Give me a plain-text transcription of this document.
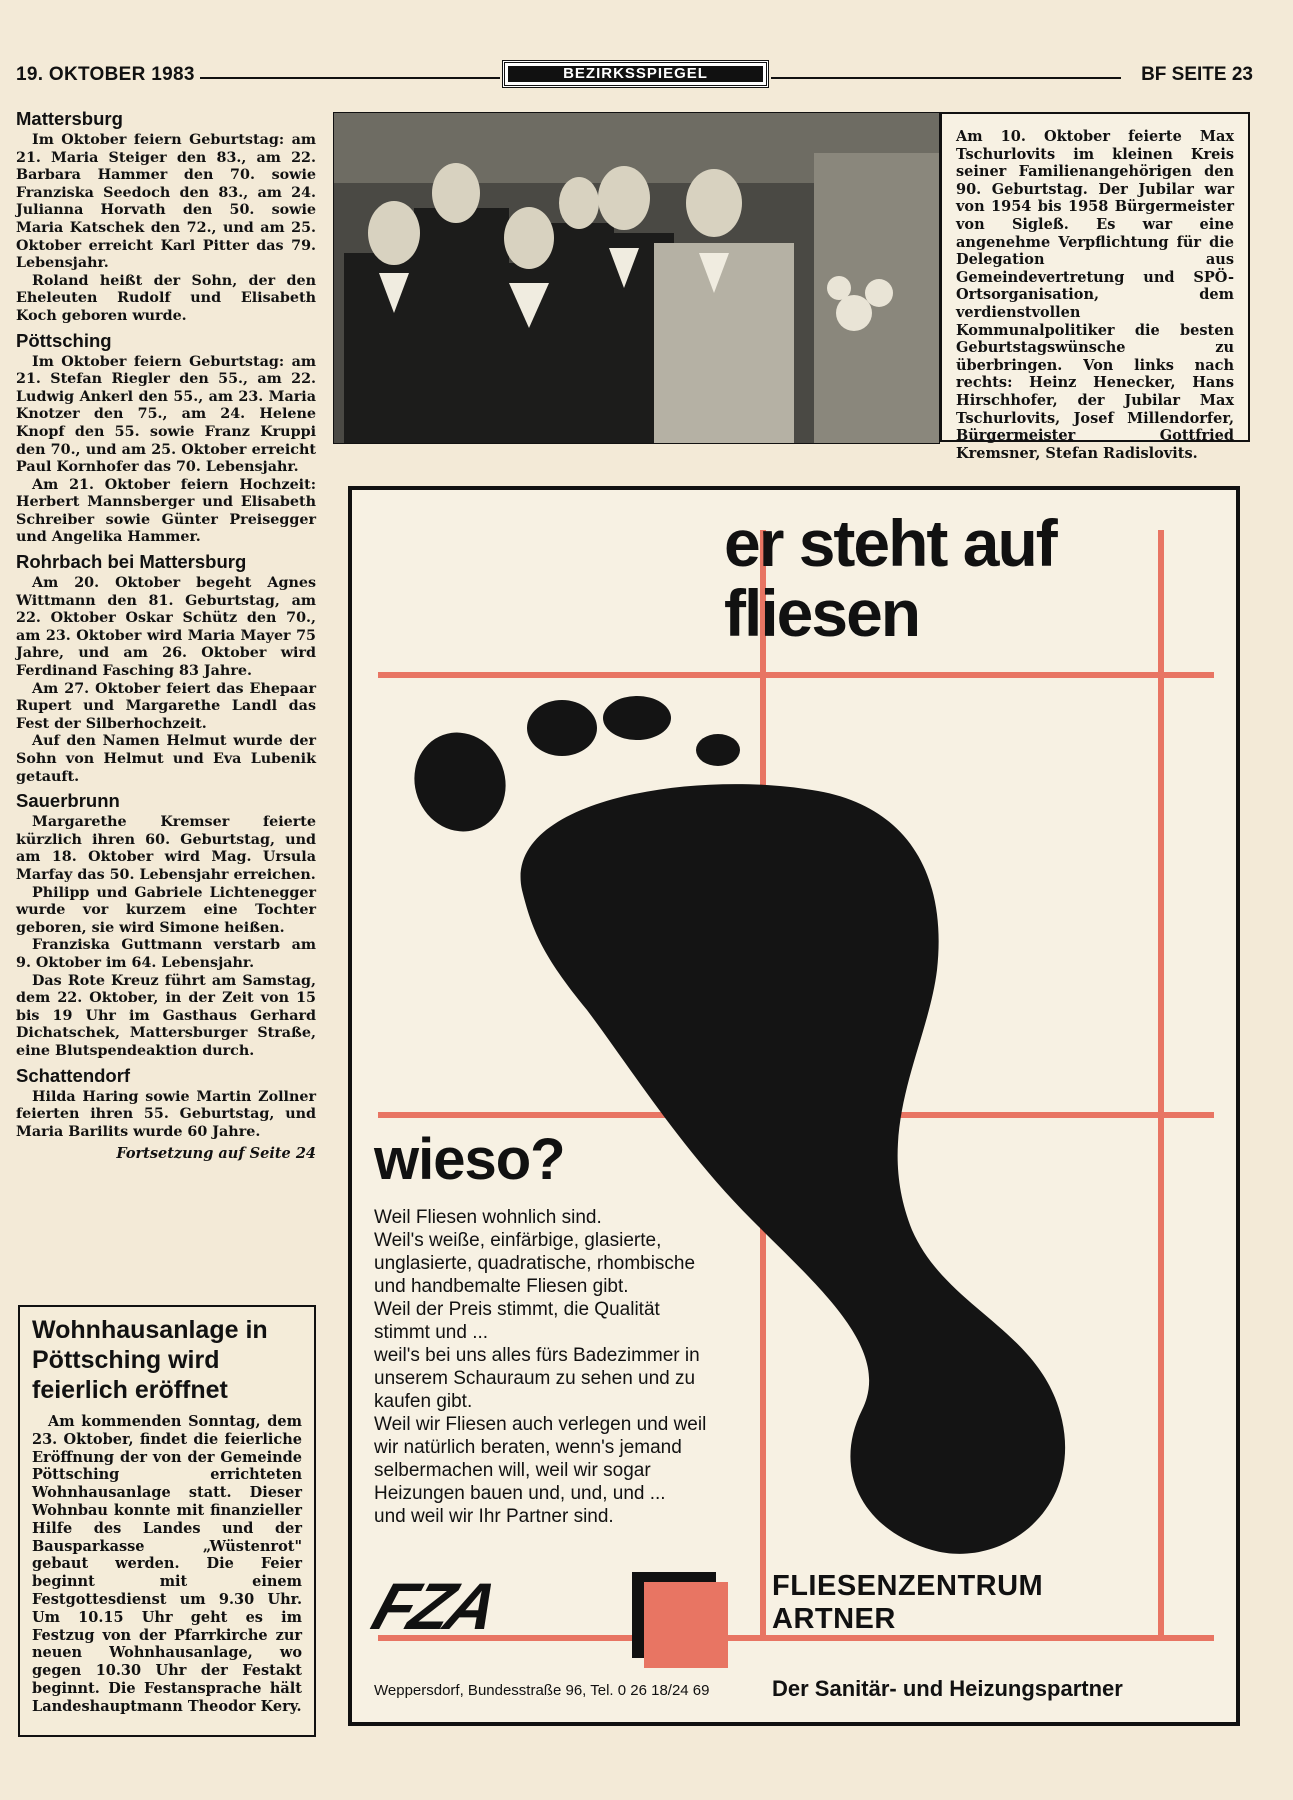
19. OKTOBER 1983	BEZIRKSSPIEGEL	BF SEITE 23
Mattersburg

Im Oktober feiern Geburtstag: am 21. Maria Steiger den 83., am 22. Barbara Hammer den 70. sowie Franziska Seedoch den 83., am 24. Julianna Horvath den 50. sowie Maria Katschek den 72., und am 25. Oktober erreicht Karl Pitter das 79. Lebensjahr.

Roland heißt der Sohn, der den Eheleuten Rudolf und Elisabeth Koch geboren wurde.

Pöttsching

Im Oktober feiern Geburtstag: am 21. Stefan Riegler den 55., am 22. Ludwig Ankerl den 55., am 23. Maria Knotzer den 75., am 24. Helene Knopf den 55. sowie Franz Kruppi den 70., und am 25. Oktober erreicht Paul Kornhofer das 70. Lebensjahr.

Am 21. Oktober feiern Hochzeit: Herbert Mannsberger und Elisabeth Schreiber sowie Günter Preisegger und Angelika Hammer.

Rohrbach bei Mattersburg

Am 20. Oktober begeht Agnes Wittmann den 81. Geburtstag, am 22. Oktober Oskar Schütz den 70., am 23. Oktober wird Maria Mayer 75 Jahre, und am 26. Oktober wird Ferdinand Fasching 83 Jahre.

Am 27. Oktober feiert das Ehepaar Rupert und Margarethe Landl das Fest der Silberhochzeit.

Auf den Namen Helmut wurde der Sohn von Helmut und Eva Lubenik getauft.

Sauerbrunn

Margarethe Kremser feierte kürzlich ihren 60. Geburtstag, und am 18. Oktober wird Mag. Ursula Marfay das 50. Lebensjahr erreichen.

Philipp und Gabriele Lichtenegger wurde vor kurzem eine Tochter geboren, sie wird Simone heißen.

Franziska Guttmann verstarb am 9. Oktober im 64. Lebensjahr.

Das Rote Kreuz führt am Samstag, dem 22. Oktober, in der Zeit von 15 bis 19 Uhr im Gasthaus Gerhard Dichatschek, Mattersburger Straße, eine Blutspendeaktion durch.

Schattendorf

Hilda Haring sowie Martin Zollner feierten ihren 55. Geburtstag, und Maria Barilits wurde 60 Jahre.

Fortsetzung auf Seite 24
Wohnhausanlage in Pöttsching wird feierlich eröffnet

Am kommenden Sonntag, dem 23. Oktober, findet die feierliche Eröffnung der von der Gemeinde Pöttsching errichteten Wohnhausanlage statt. Dieser Wohnbau konnte mit finanzieller Hilfe des Landes und der Bausparkasse „Wüstenrot" gebaut werden. Die Feier beginnt mit einem Festgottesdienst um 9.30 Uhr. Um 10.15 Uhr geht es im Festzug von der Pfarrkirche zur neuen Wohnhausanlage, wo gegen 10.30 Uhr der Festakt beginnt. Die Festansprache hält Landeshauptmann Theodor Kery.

Am 10. Oktober feierte Max Tschurlovits im kleinen Kreis seiner Familienangehörigen den 90. Geburtstag. Der Jubilar war von 1954 bis 1958 Bürgermeister von Sigleß. Es war eine angenehme Verpflichtung für die Delegation aus Gemeindevertretung und SPÖ-Ortsorganisation, dem verdienstvollen Kommunalpolitiker die besten Geburtstagswünsche zu überbringen. Von links nach rechts: Heinz Henecker, Hans Hirschhofer, der Jubilar Max Tschurlovits, Josef Millendorfer, Bürgermeister Gottfried Kremsner, Stefan Radislovits.

er steht auf fliesen
wieso?
Weil Fliesen wohnlich sind.
Weil's weiße, einfärbige, glasierte, unglasierte, quadratische, rhombische und handbemalte Fliesen gibt.
Weil der Preis stimmt, die Qualität stimmt und ...
weil's bei uns alles fürs Badezimmer in unserem Schauraum zu sehen und zu kaufen gibt.
Weil wir Fliesen auch verlegen und weil wir natürlich beraten, wenn's jemand selbermachen will, weil wir sogar Heizungen bauen und, und, und ...
und weil wir Ihr Partner sind.
FZA	FLIESENZENTRUM
ARTNER
Weppersdorf, Bundesstraße 96, Tel. 0 26 18/24 69	Der Sanitär- und Heizungspartner
